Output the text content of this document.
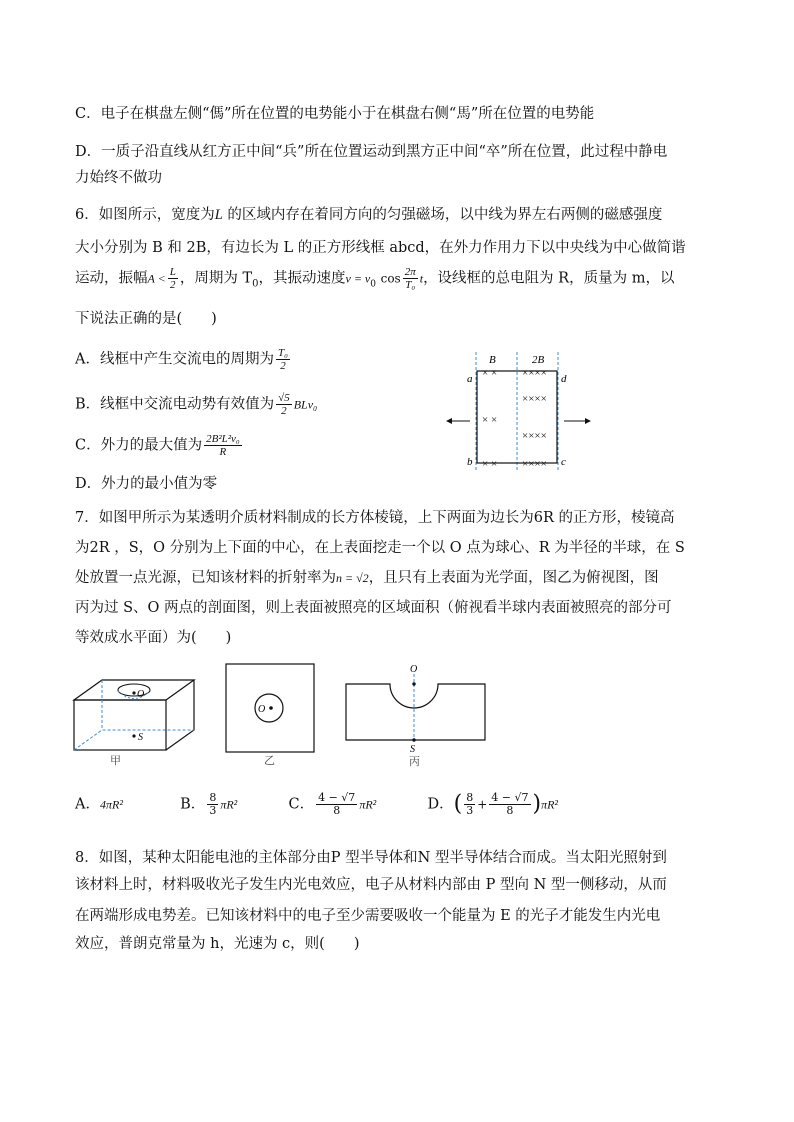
C．电子在棋盘左侧“傌”所在位置的电势能小于在棋盘右侧“馬”所在位置的电势能
D．一质子沿直线从红方正中间“兵”所在位置运动到黑方正中间“卒”所在位置，此过程中静电
力始终不做功
6．如图所示，宽度为L 的区域内存在着同方向的匀强磁场，以中线为界左右两侧的磁感强度
大小分别为 B 和 2B，有边长为 L 的正方形线框 abcd，在外力作用力下以中央线为中心做简谐
运动，振幅$A < \frac{L}{2}$ ，周期为 $T_0$，其振动速度$v = v_0$ $\cos \frac{2\pi}{\text{T₀}}$ t，设线框的总电阻为 R，质量为 m，以
下说法正确的是(　　)
A．线框中产生交流电的周期为 $\frac{\text{T₀}}{2}$
B．线框中交流电动势有效值为 $\frac{√5}{2} BLv_0$
C．外力的最大值为 $\frac{\text{2B²L²v₀}}{R}$
D．外力的最小值为零
B	2B
a	d
b	c
× ×
× ×
× ×
××××
××××
××××
××××
7．如图甲所示为某透明介质材料制成的长方体棱镜，上下两面为边长为6R 的正方形，棱镜高
为2R ，S，O 分别为上下面的中心，在上表面挖走一个以 O 点为球心、R 为半径的半球，在 S
处放置一点光源，已知该材料的折射率为n = √2，且只有上表面为光学面，图乙为俯视图，图
丙为过 S、O 两点的剖面图，则上表面被照亮的区域面积（俯视看半球内表面被照亮的部分可
等效成水平面）为(　　)
O
S
甲
O
乙
O
S
丙
A．4πR²	B． $\frac{8}{3} \pi R^2$	C． $\frac{4 - √7}{8} \pi R^2$	D．( $\frac{8}{3} + \frac{4 - √7}{8} )\pi R^2$
8．如图，某种太阳能电池的主体部分由P 型半导体和N 型半导体结合而成。当太阳光照射到
该材料上时，材料吸收光子发生内光电效应，电子从材料内部由 P 型向 N 型一侧移动，从而
在两端形成电势差。已知该材料中的电子至少需要吸收一个能量为 E 的光子才能发生内光电
效应，普朗克常量为 h，光速为 c，则(　　)
